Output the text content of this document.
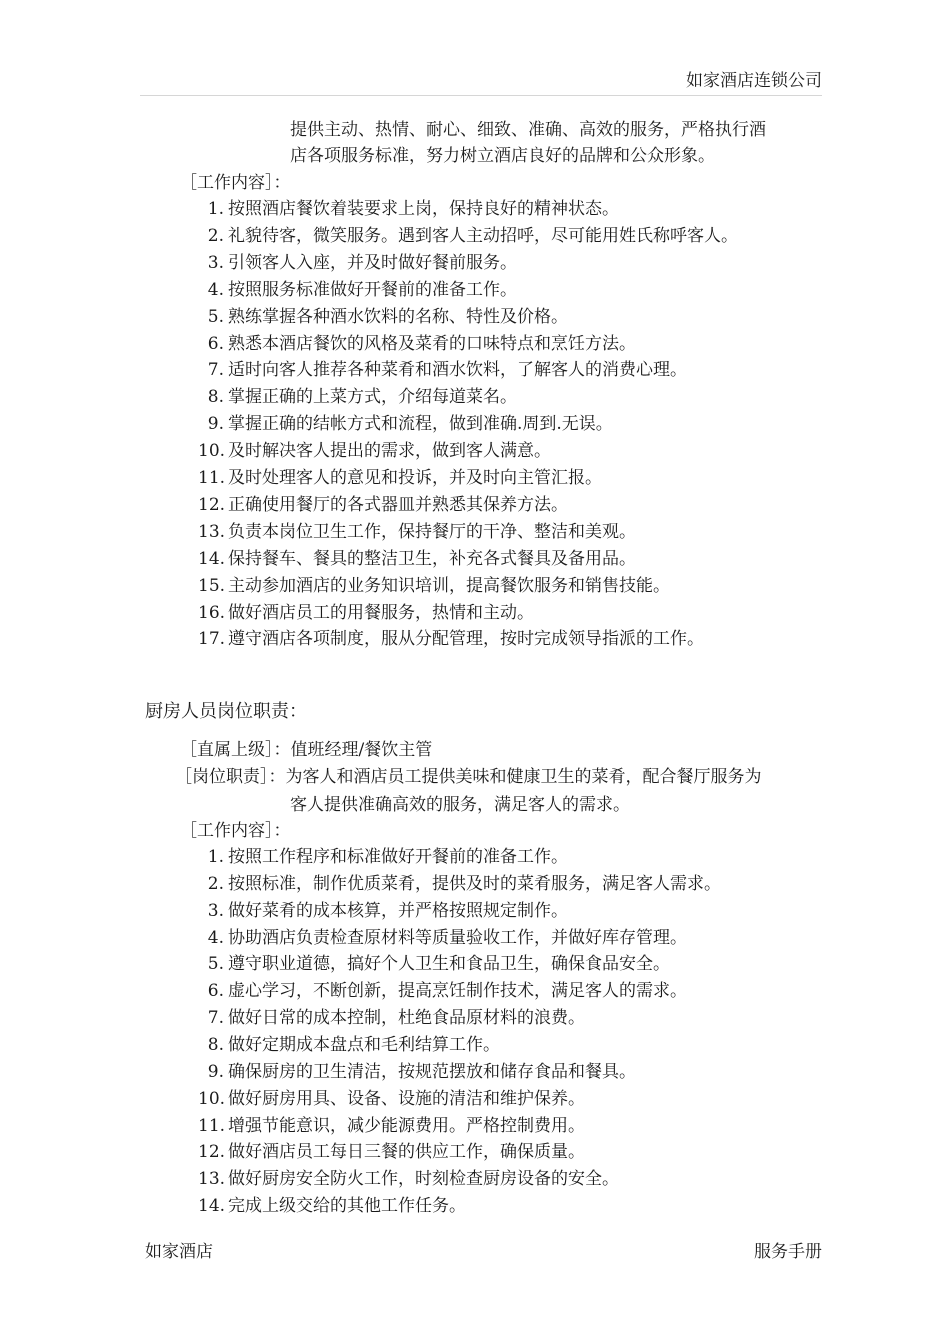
如家酒店连锁公司
提供主动、热情、耐心、细致、准确、高效的服务，严格执行酒
店各项服务标准，努力树立酒店良好的品牌和公众形象。
［工作内容］：
1. 按照酒店餐饮着装要求上岗，保持良好的精神状态。
2. 礼貌待客，微笑服务。遇到客人主动招呼，尽可能用姓氏称呼客人。
3. 引领客人入座，并及时做好餐前服务。
4. 按照服务标准做好开餐前的准备工作。
5. 熟练掌握各种酒水饮料的名称、特性及价格。
6. 熟悉本酒店餐饮的风格及菜肴的口味特点和烹饪方法。
7. 适时向客人推荐各种菜肴和酒水饮料，了解客人的消费心理。
8. 掌握正确的上菜方式，介绍每道菜名。
9. 掌握正确的结帐方式和流程，做到准确.周到.无误。
10. 及时解决客人提出的需求，做到客人满意。
11. 及时处理客人的意见和投诉，并及时向主管汇报。
12. 正确使用餐厅的各式器皿并熟悉其保养方法。
13. 负责本岗位卫生工作，保持餐厅的干净、整洁和美观。
14. 保持餐车、餐具的整洁卫生，补充各式餐具及备用品。
15. 主动参加酒店的业务知识培训，提高餐饮服务和销售技能。
16. 做好酒店员工的用餐服务，热情和主动。
17. 遵守酒店各项制度，服从分配管理，按时完成领导指派的工作。
厨房人员岗位职责：
［直属上级］：值班经理/餐饮主管
［岗位职责］：为客人和酒店员工提供美味和健康卫生的菜肴，配合餐厅服务为
客人提供准确高效的服务，满足客人的需求。
［工作内容］：
1. 按照工作程序和标准做好开餐前的准备工作。
2. 按照标准，制作优质菜肴，提供及时的菜肴服务，满足客人需求。
3. 做好菜肴的成本核算，并严格按照规定制作。
4. 协助酒店负责检查原材料等质量验收工作，并做好库存管理。
5. 遵守职业道德，搞好个人卫生和食品卫生，确保食品安全。
6. 虚心学习，不断创新，提高烹饪制作技术，满足客人的需求。
7. 做好日常的成本控制，杜绝食品原材料的浪费。
8. 做好定期成本盘点和毛利结算工作。
9. 确保厨房的卫生清洁，按规范摆放和储存食品和餐具。
10. 做好厨房用具、设备、设施的清洁和维护保养。
11. 增强节能意识，减少能源费用。严格控制费用。
12. 做好酒店员工每日三餐的供应工作，确保质量。
13. 做好厨房安全防火工作，时刻检查厨房设备的安全。
14. 完成上级交给的其他工作任务。
如家酒店	服务手册
